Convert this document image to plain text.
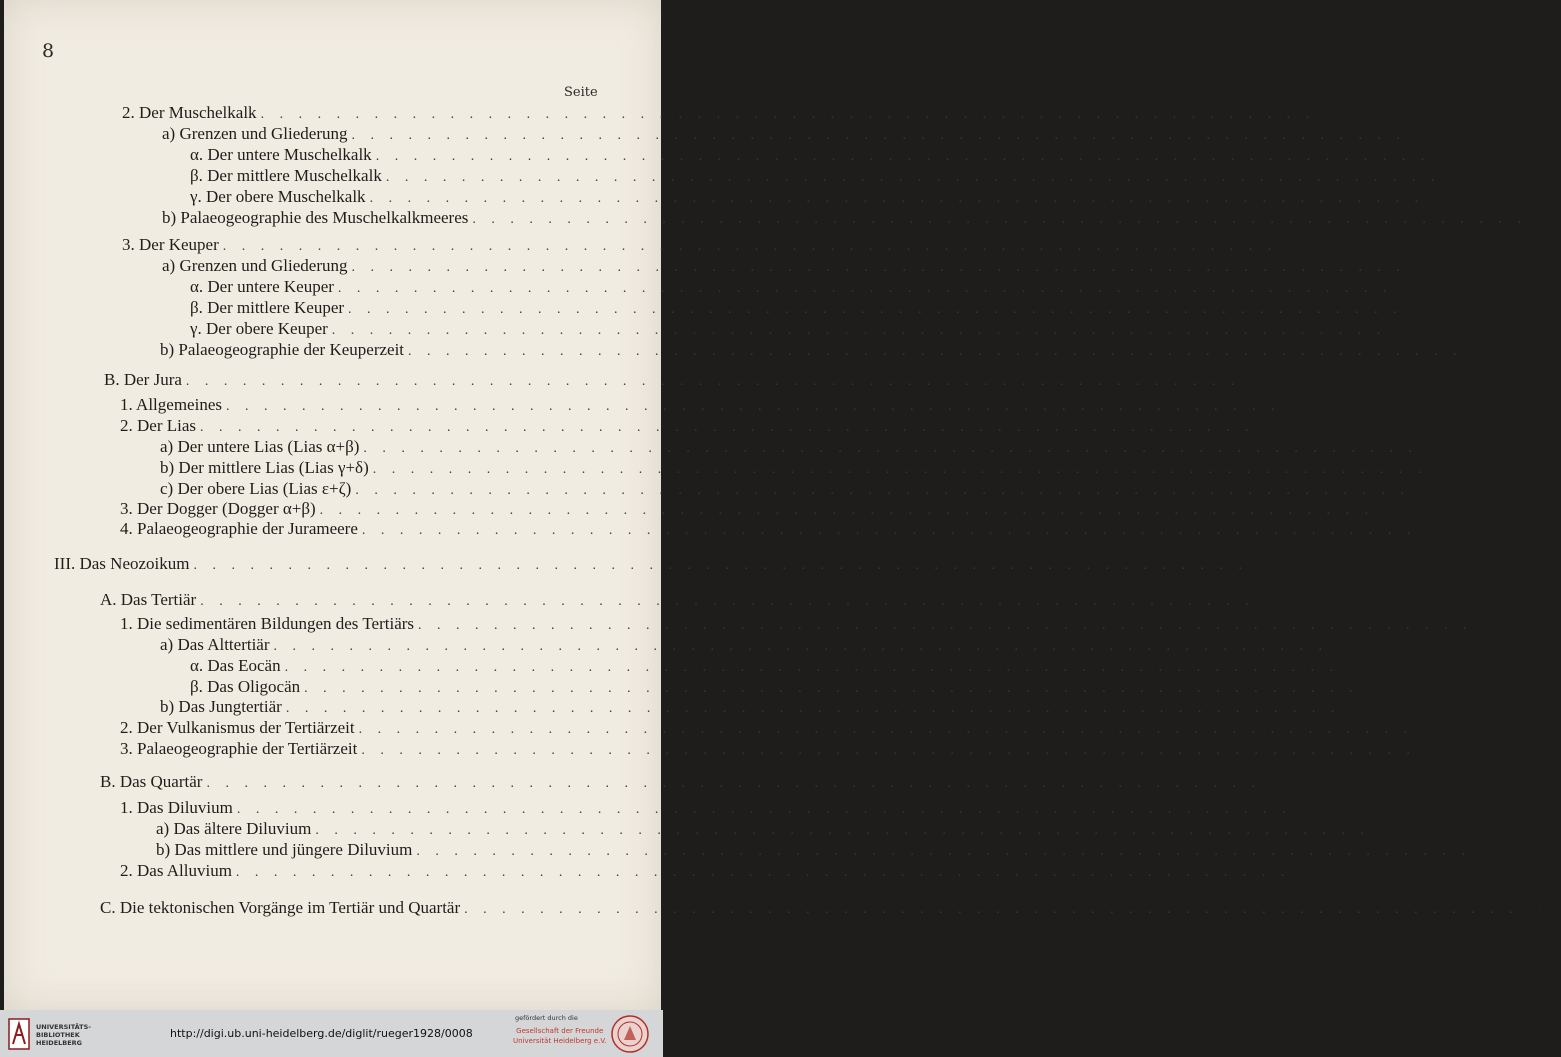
8
Seite
2. Der Muschelkalk . . . . . . . . . . . . . . . . . . . . . . . . . . . . . . . . . . . . . . . . . . . . . . . . . . . . . . . . 108
a) Grenzen und Gliederung . . . . . . . . . . . . . . . . . . . . . . . . . . . . . . . . . . . . . . . . . . . . . . . . . . . . . . . . 108
α. Der untere Muschelkalk . . . . . . . . . . . . . . . . . . . . . . . . . . . . . . . . . . . . . . . . . . . . . . . . . . . . . . . . 108
β. Der mittlere Muschelkalk . . . . . . . . . . . . . . . . . . . . . . . . . . . . . . . . . . . . . . . . . . . . . . . . . . . . . . . . 114
γ. Der obere Muschelkalk . . . . . . . . . . . . . . . . . . . . . . . . . . . . . . . . . . . . . . . . . . . . . . . . . . . . . . . . 119
b) Palaeogeographie des Muschelkalkmeeres . . . . . . . . . . . . . . . . . . . . . . . . . . . . . . . . . . . . . . . . . . . . . . . . . . . . . . . . 124
3. Der Keuper . . . . . . . . . . . . . . . . . . . . . . . . . . . . . . . . . . . . . . . . . . . . . . . . . . . . . . . . 133
a) Grenzen und Gliederung . . . . . . . . . . . . . . . . . . . . . . . . . . . . . . . . . . . . . . . . . . . . . . . . . . . . . . . . 133
α. Der untere Keuper . . . . . . . . . . . . . . . . . . . . . . . . . . . . . . . . . . . . . . . . . . . . . . . . . . . . . . . . 134
β. Der mittlere Keuper . . . . . . . . . . . . . . . . . . . . . . . . . . . . . . . . . . . . . . . . . . . . . . . . . . . . . . . . 136
γ. Der obere Keuper . . . . . . . . . . . . . . . . . . . . . . . . . . . . . . . . . . . . . . . . . . . . . . . . . . . . . . . . 141
b) Palaeogeographie der Keuperzeit . . . . . . . . . . . . . . . . . . . . . . . . . . . . . . . . . . . . . . . . . . . . . . . . . . . . . . . . 146
B. Der Jura . . . . . . . . . . . . . . . . . . . . . . . . . . . . . . . . . . . . . . . . . . . . . . . . . . . . . . . . 151
1. Allgemeines . . . . . . . . . . . . . . . . . . . . . . . . . . . . . . . . . . . . . . . . . . . . . . . . . . . . . . . . 151
2. Der Lias . . . . . . . . . . . . . . . . . . . . . . . . . . . . . . . . . . . . . . . . . . . . . . . . . . . . . . . . 152
a) Der untere Lias (Lias α+β) . . . . . . . . . . . . . . . . . . . . . . . . . . . . . . . . . . . . . . . . . . . . . . . . . . . . . . . . 152
b) Der mittlere Lias (Lias γ+δ) . . . . . . . . . . . . . . . . . . . . . . . . . . . . . . . . . . . . . . . . . . . . . . . . . . . . . . . . 155
c) Der obere Lias (Lias ε+ζ) . . . . . . . . . . . . . . . . . . . . . . . . . . . . . . . . . . . . . . . . . . . . . . . . . . . . . . . . 155
3. Der Dogger (Dogger α+β) . . . . . . . . . . . . . . . . . . . . . . . . . . . . . . . . . . . . . . . . . . . . . . . . . . . . . . . . 158
4. Palaeogeographie der Jurameere . . . . . . . . . . . . . . . . . . . . . . . . . . . . . . . . . . . . . . . . . . . . . . . . . . . . . . . . 160
III. Das Neozoikum . . . . . . . . . . . . . . . . . . . . . . . . . . . . . . . . . . . . . . . . . . . . . . . . . . . . . . . . 163
A. Das Tertiär . . . . . . . . . . . . . . . . . . . . . . . . . . . . . . . . . . . . . . . . . . . . . . . . . . . . . . . . 166
1. Die sedimentären Bildungen des Tertiärs . . . . . . . . . . . . . . . . . . . . . . . . . . . . . . . . . . . . . . . . . . . . . . . . . . . . . . . . 166
a) Das Alttertiär . . . . . . . . . . . . . . . . . . . . . . . . . . . . . . . . . . . . . . . . . . . . . . . . . . . . . . . . 166
α. Das Eocän . . . . . . . . . . . . . . . . . . . . . . . . . . . . . . . . . . . . . . . . . . . . . . . . . . . . . . . . 166
β. Das Oligocän . . . . . . . . . . . . . . . . . . . . . . . . . . . . . . . . . . . . . . . . . . . . . . . . . . . . . . . . 168
b) Das Jungtertiär . . . . . . . . . . . . . . . . . . . . . . . . . . . . . . . . . . . . . . . . . . . . . . . . . . . . . . . . 179
2. Der Vulkanismus der Tertiärzeit . . . . . . . . . . . . . . . . . . . . . . . . . . . . . . . . . . . . . . . . . . . . . . . . . . . . . . . . 181
3. Palaeogeographie der Tertiärzeit . . . . . . . . . . . . . . . . . . . . . . . . . . . . . . . . . . . . . . . . . . . . . . . . . . . . . . . . 191
B. Das Quartär . . . . . . . . . . . . . . . . . . . . . . . . . . . . . . . . . . . . . . . . . . . . . . . . . . . . . . . . 193
1. Das Diluvium . . . . . . . . . . . . . . . . . . . . . . . . . . . . . . . . . . . . . . . . . . . . . . . . . . . . . . . . 194
a) Das ältere Diluvium . . . . . . . . . . . . . . . . . . . . . . . . . . . . . . . . . . . . . . . . . . . . . . . . . . . . . . . . 196
b) Das mittlere und jüngere Diluvium . . . . . . . . . . . . . . . . . . . . . . . . . . . . . . . . . . . . . . . . . . . . . . . . . . . . . . . . 203
2. Das Alluvium . . . . . . . . . . . . . . . . . . . . . . . . . . . . . . . . . . . . . . . . . . . . . . . . . . . . . . . . 215
C. Die tektonischen Vorgänge im Tertiär und Quartär . . . . . . . . . . . . . . . . . . . . . . . . . . . . . . . . . . . . . . . . . . . . . . . . . . . . . . . . 217
UNIVERSITÄTS-
BIBLIOTHEK
HEIDELBERG
http://digi.ub.uni-heidelberg.de/diglit/rueger1928/0008
gefördert durch die
Gesellschaft der Freunde
Universität Heidelberg e.V.
